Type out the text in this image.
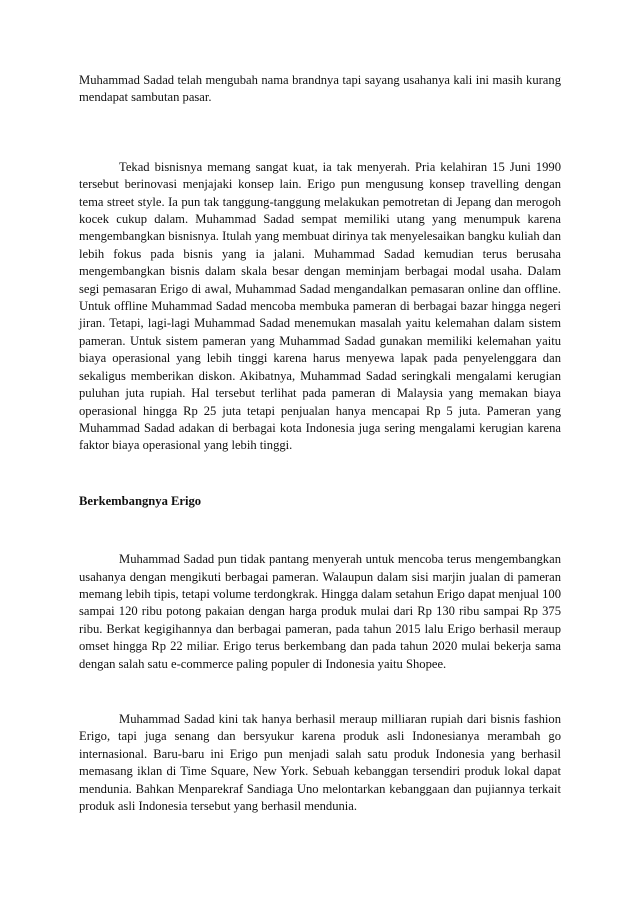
Muhammad Sadad telah mengubah nama brandnya tapi sayang usahanya kali ini masih kurang mendapat sambutan pasar.

Tekad bisnisnya memang sangat kuat, ia tak menyerah. Pria kelahiran 15 Juni 1990 tersebut berinovasi menjajaki konsep lain. Erigo pun mengusung konsep travelling dengan tema street style. Ia pun tak tanggung-tanggung melakukan pemotretan di Jepang dan merogoh kocek cukup dalam. Muhammad Sadad sempat memiliki utang yang menumpuk karena mengembangkan bisnisnya. Itulah yang membuat dirinya tak menyelesaikan bangku kuliah dan lebih fokus pada bisnis yang ia jalani. Muhammad Sadad kemudian terus berusaha mengembangkan bisnis dalam skala besar dengan meminjam berbagai modal usaha. Dalam segi pemasaran Erigo di awal, Muhammad Sadad mengandalkan pemasaran online dan offline. Untuk offline Muhammad Sadad mencoba membuka pameran di berbagai bazar hingga negeri jiran. Tetapi, lagi-lagi Muhammad Sadad menemukan masalah yaitu kelemahan dalam sistem pameran. Untuk sistem pameran yang Muhammad Sadad gunakan memiliki kelemahan yaitu biaya operasional yang lebih tinggi karena harus menyewa lapak pada penyelenggara dan sekaligus memberikan diskon. Akibatnya, Muhammad Sadad seringkali mengalami kerugian puluhan juta rupiah. Hal tersebut terlihat pada pameran di Malaysia yang memakan biaya operasional hingga Rp 25 juta tetapi penjualan hanya mencapai Rp 5 juta. Pameran yang Muhammad Sadad adakan di berbagai kota Indonesia juga sering mengalami kerugian karena faktor biaya operasional yang lebih tinggi.

Berkembangnya Erigo

Muhammad Sadad pun tidak pantang menyerah untuk mencoba terus mengembangkan usahanya dengan mengikuti berbagai pameran. Walaupun dalam sisi marjin jualan di pameran memang lebih tipis, tetapi volume terdongkrak. Hingga dalam setahun Erigo dapat menjual 100 sampai 120 ribu potong pakaian dengan harga produk mulai dari Rp 130 ribu sampai Rp 375 ribu. Berkat kegigihannya dan berbagai pameran, pada tahun 2015 lalu Erigo berhasil meraup omset hingga Rp 22 miliar. Erigo terus berkembang dan pada tahun 2020 mulai bekerja sama dengan salah satu e-commerce paling populer di Indonesia yaitu Shopee.

Muhammad Sadad kini tak hanya berhasil meraup milliaran rupiah dari bisnis fashion Erigo, tapi juga senang dan bersyukur karena produk asli Indonesianya merambah go internasional. Baru-baru ini Erigo pun menjadi salah satu produk Indonesia yang berhasil memasang iklan di Time Square, New York. Sebuah kebanggan tersendiri produk lokal dapat mendunia. Bahkan Menparekraf Sandiaga Uno melontarkan kebanggaan dan pujiannya terkait produk asli Indonesia tersebut yang berhasil mendunia.
